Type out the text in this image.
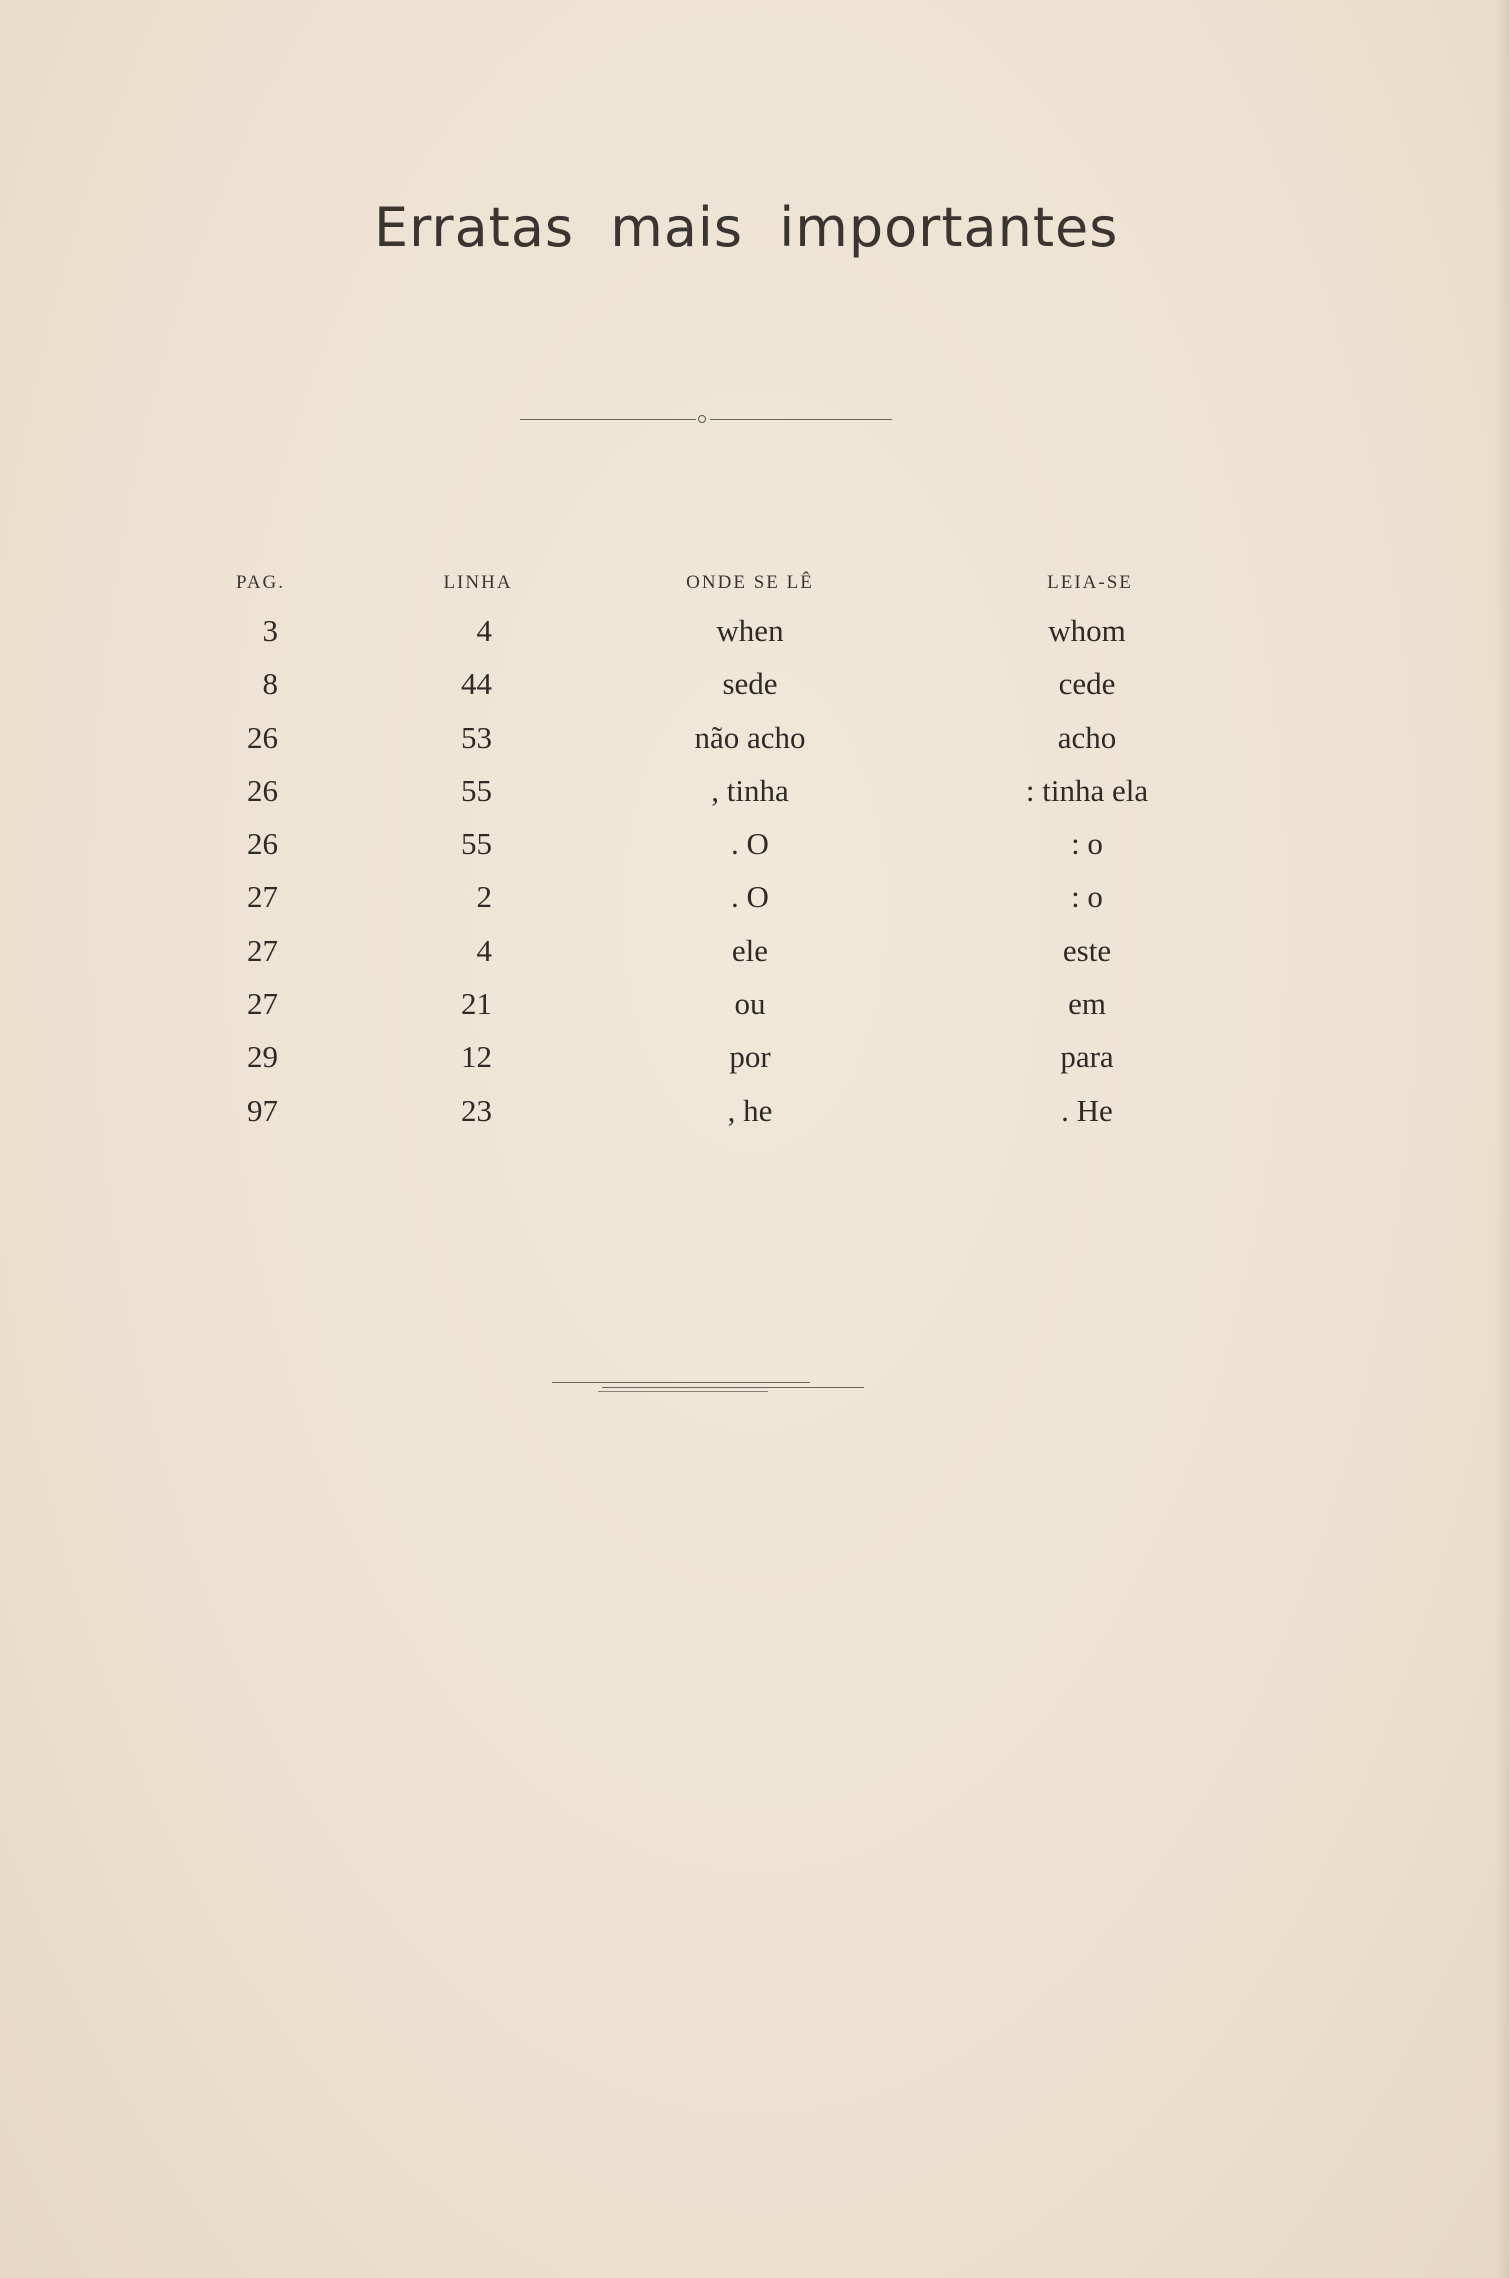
Erratas mais importantes
PAG.	LINHA	ONDE SE LÊ	LEIA-SE
3	4	when	whom
8	44	sede	cede
26	53	não acho	acho
26	55	, tinha	: tinha ela
26	55	. O	: o
27	2	. O	: o
27	4	ele	este
27	21	ou	em
29	12	por	para
97	23	, he	. He
